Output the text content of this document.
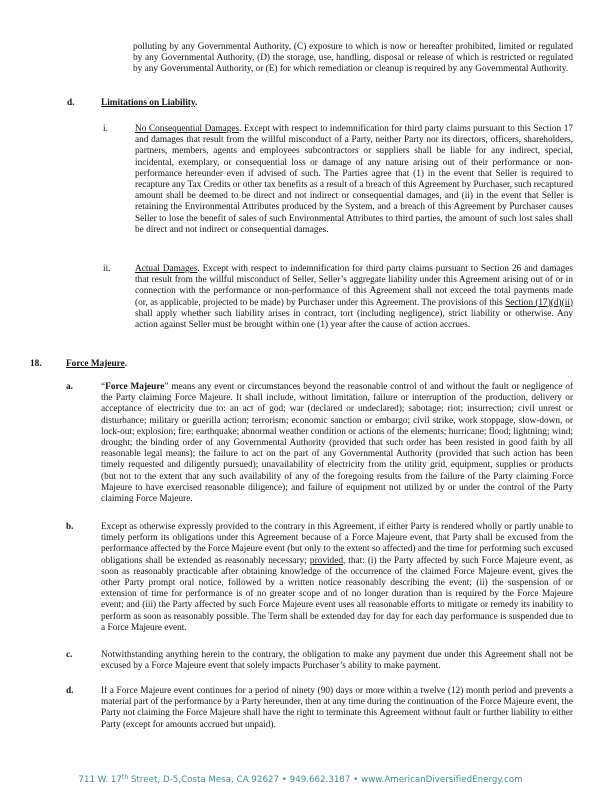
polluting by any Governmental Authority, (C) exposure to which is now or hereafter prohibited, limited or regulated by any Governmental Authority, (D) the storage, use, handling, disposal or release of which is restricted or regulated by any Governmental Authority, or (E) for which remediation or cleanup is required by any Governmental Authority.

d.	Limitations on Liability.
i.	No Consequential Damages. Except with respect to indemnification for third party claims pursuant to this Section 17 and damages that result from the willful misconduct of a Party, neither Party nor its directors, officers, shareholders, partners, members, agents and employees subcontractors or suppliers shall be liable for any indirect, special, incidental, exemplary, or consequential loss or damage of any nature arising out of their performance or non-performance hereunder even if advised of such. The Parties agree that (1) in the event that Seller is required to recapture any Tax Credits or other tax benefits as a result of a breach of this Agreement by Purchaser, such recaptured amount shall be deemed to be direct and not indirect or consequential damages, and (ii) in the event that Seller is retaining the Environmental Attributes produced by the System, and a breach of this Agreement by Purchaser causes Seller to lose the benefit of sales of such Environmental Attributes to third parties, the amount of such lost sales shall be direct and not indirect or consequential damages.

ii.	Actual Damages. Except with respect to indemnification for third party claims pursuant to Section 26 and damages that result from the willful misconduct of Seller, Seller’s aggregate liability under this Agreement arising out of or in connection with the performance or non-performance of this Agreement shall not exceed the total payments made (or, as applicable, projected to be made) by Purchaser under this Agreement. The provisions of this Section (17)(d)(ii) shall apply whether such liability arises in contract, tort (including negligence), strict liability or otherwise. Any action against Seller must be brought within one (1) year after the cause of action accrues.

18.	Force Majeure.
a.	“Force Majeure” means any event or circumstances beyond the reasonable control of and without the fault or negligence of the Party claiming Force Majeure. It shall include, without limitation, failure or interruption of the production, delivery or acceptance of electricity due to: an act of god; war (declared or undeclared); sabotage; riot; insurrection; civil unrest or disturbance; military or guerilla action; terrorism; economic sanction or embargo; civil strike, work stoppage, slow-down, or lock-out; explosion; fire; earthquake; abnormal weather condition or actions of the elements; hurricane; flood; lightning; wind; drought; the binding order of any Governmental Authority (provided that such order has been resisted in good faith by all reasonable legal means); the failure to act on the part of any Governmental Authority (provided that such action has been timely requested and diligently pursued); unavailability of electricity from the utility grid, equipment, supplies or products (but not to the extent that any such availability of any of the foregoing results from the failure of the Party claiming Force Majeure to have exercised reasonable diligence); and failure of equipment not utilized by or under the control of the Party claiming Force Majeure.

b.	Except as otherwise expressly provided to the contrary in this Agreement, if either Party is rendered wholly or partly unable to timely perform its obligations under this Agreement because of a Force Majeure event, that Party shall be excused from the performance affected by the Force Majeure event (but only to the extent so affected) and the time for performing such excused obligations shall be extended as reasonably necessary; provided, that: (i) the Party affected by such Force Majeure event, as soon as reasonably practicable after obtaining knowledge of the occurrence of the claimed Force Majeure event, gives the other Party prompt oral notice, followed by a written notice reasonably describing the event; (ii) the suspension of or extension of time for performance is of no greater scope and of no longer duration than is required by the Force Majeure event; and (iii) the Party affected by such Force Majeure event uses all reasonable efforts to mitigate or remedy its inability to perform as soon as reasonably possible. The Term shall be extended day for day for each day performance is suspended due to a Force Majeure event.

c.	Notwithstanding anything herein to the contrary, the obligation to make any payment due under this Agreement shall not be excused by a Force Majeure event that solely impacts Purchaser’s ability to make payment.

d.	If a Force Majeure event continues for a period of ninety (90) days or more within a twelve (12) month period and prevents a material part of the performance by a Party hereunder, then at any time during the continuation of the Force Majeure event, the Party not claiming the Force Majeure shall have the right to terminate this Agreement without fault or further liability to either Party (except for amounts accrued but unpaid).

711 W. 17th Street, D-5,Costa Mesa, CA 92627 • 949.662.3187 • www.AmericanDiversifiedEnergy.com
